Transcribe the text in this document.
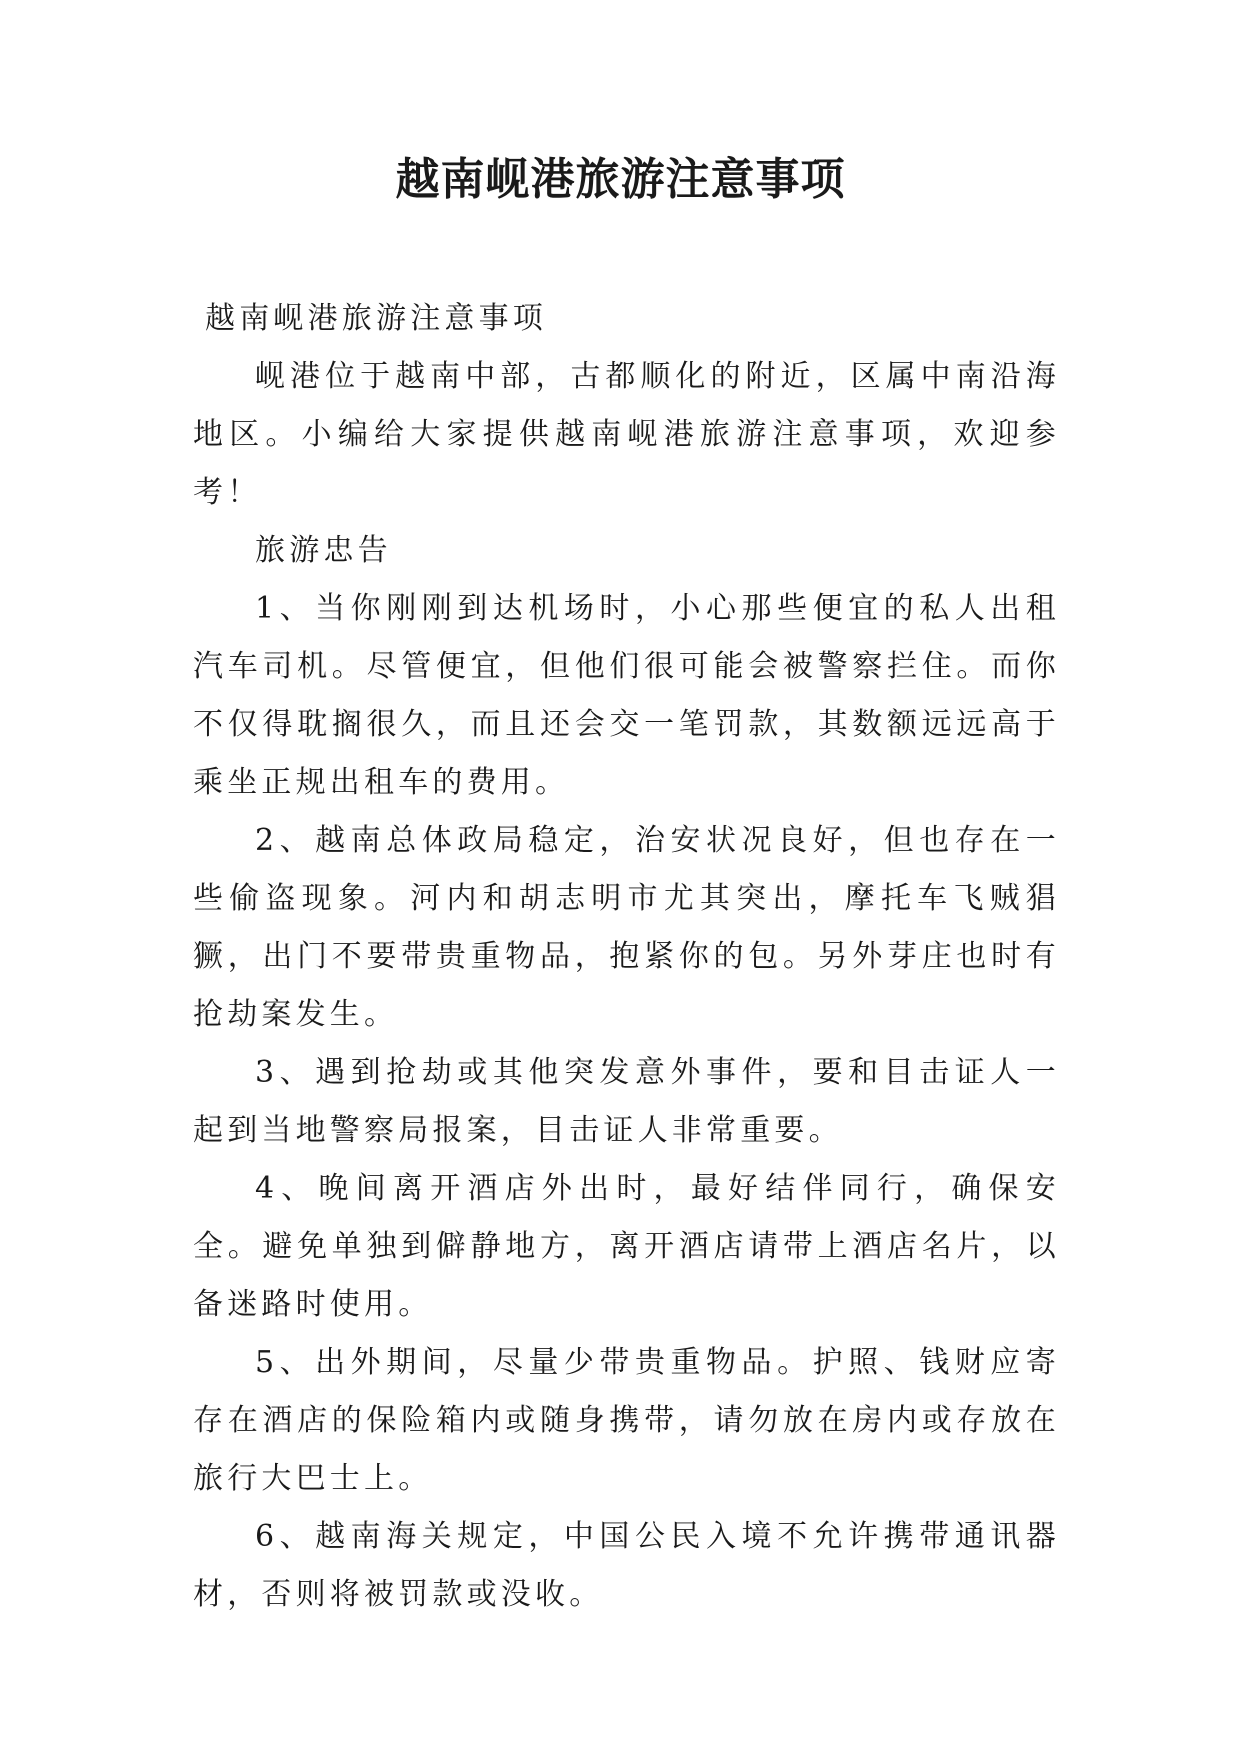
越南岘港旅游注意事项

越南岘港旅游注意事项

岘港位于越南中部，古都顺化的附近，区属中南沿海地区。小编给大家提供越南岘港旅游注意事项，欢迎参考！

旅游忠告

1、当你刚刚到达机场时，小心那些便宜的私人出租汽车司机。尽管便宜，但他们很可能会被警察拦住。而你不仅得耽搁很久，而且还会交一笔罚款，其数额远远高于乘坐正规出租车的费用。

2、越南总体政局稳定，治安状况良好，但也存在一些偷盗现象。河内和胡志明市尤其突出，摩托车飞贼猖獗，出门不要带贵重物品，抱紧你的包。另外芽庄也时有抢劫案发生。

3、遇到抢劫或其他突发意外事件，要和目击证人一起到当地警察局报案，目击证人非常重要。

4、晚间离开酒店外出时，最好结伴同行，确保安全。避免单独到僻静地方，离开酒店请带上酒店名片，以备迷路时使用。

5、出外期间，尽量少带贵重物品。护照、钱财应寄存在酒店的保险箱内或随身携带，请勿放在房内或存放在旅行大巴士上。

6、越南海关规定，中国公民入境不允许携带通讯器材，否则将被罚款或没收。
